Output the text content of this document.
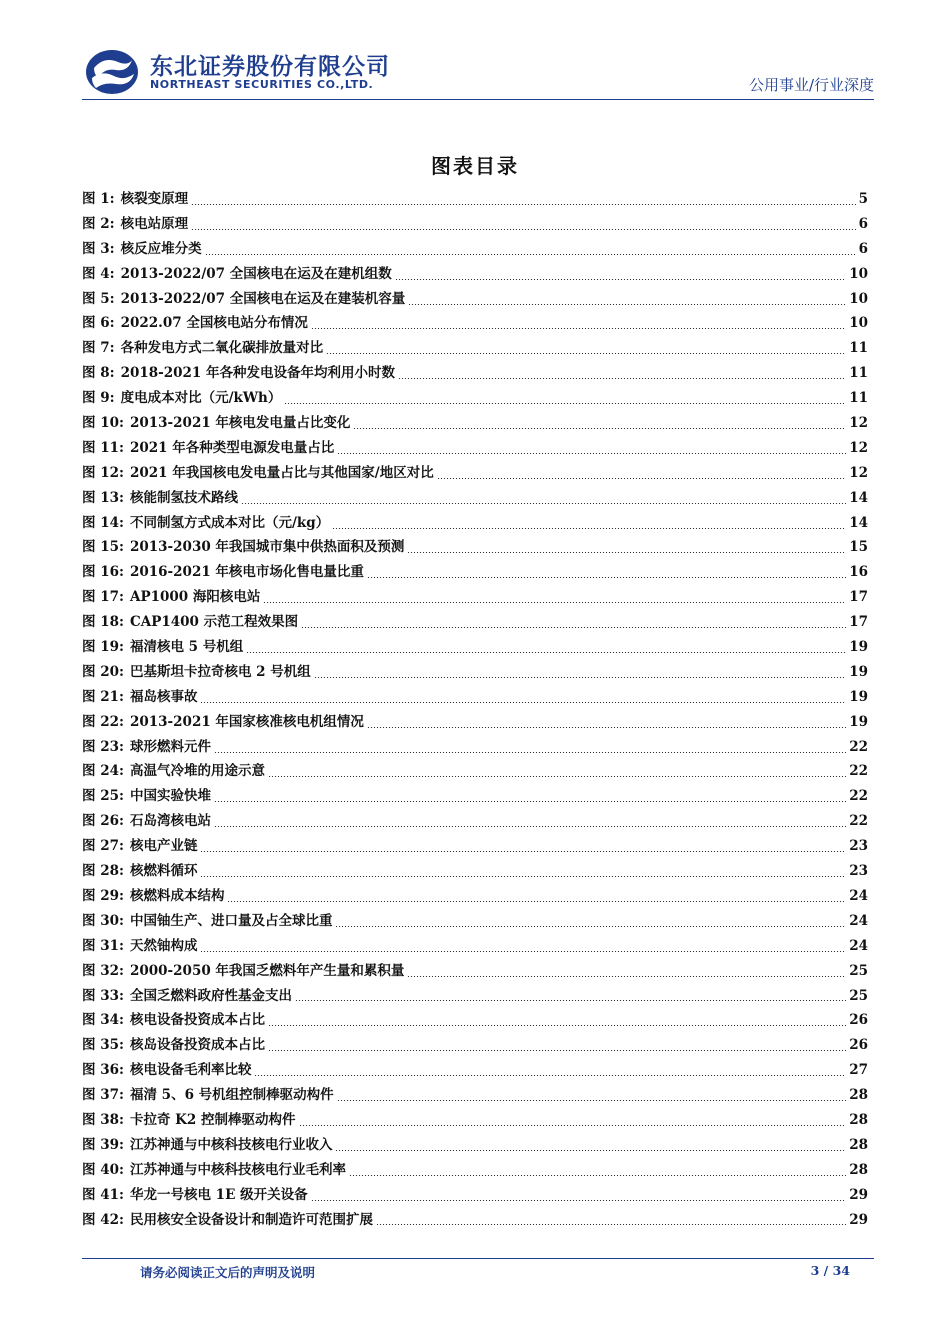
东北证券股份有限公司
NORTHEAST SECURITIES CO.,LTD.	公用事业/行业深度
图表目录
图 1: 核裂变原理	5
图 2: 核电站原理	6
图 3: 核反应堆分类	6
图 4: 2013-2022/07 全国核电在运及在建机组数	10
图 5: 2013-2022/07 全国核电在运及在建装机容量	10
图 6: 2022.07 全国核电站分布情况	10
图 7: 各种发电方式二氧化碳排放量对比	11
图 8: 2018-2021 年各种发电设备年均利用小时数	11
图 9: 度电成本对比（元/kWh）	11
图 10: 2013-2021 年核电发电量占比变化	12
图 11: 2021 年各种类型电源发电量占比	12
图 12: 2021 年我国核电发电量占比与其他国家/地区对比	12
图 13: 核能制氢技术路线	14
图 14: 不同制氢方式成本对比（元/kg）	14
图 15: 2013-2030 年我国城市集中供热面积及预测	15
图 16: 2016-2021 年核电市场化售电量比重	16
图 17: AP1000 海阳核电站	17
图 18: CAP1400 示范工程效果图	17
图 19: 福清核电 5 号机组	19
图 20: 巴基斯坦卡拉奇核电 2 号机组	19
图 21: 福岛核事故	19
图 22: 2013-2021 年国家核准核电机组情况	19
图 23: 球形燃料元件	22
图 24: 高温气冷堆的用途示意	22
图 25: 中国实验快堆	22
图 26: 石岛湾核电站	22
图 27: 核电产业链	23
图 28: 核燃料循环	23
图 29: 核燃料成本结构	24
图 30: 中国铀生产、进口量及占全球比重	24
图 31: 天然铀构成	24
图 32: 2000-2050 年我国乏燃料年产生量和累积量	25
图 33: 全国乏燃料政府性基金支出	25
图 34: 核电设备投资成本占比	26
图 35: 核岛设备投资成本占比	26
图 36: 核电设备毛利率比较	27
图 37: 福清 5、6 号机组控制棒驱动构件	28
图 38: 卡拉奇 K2 控制棒驱动构件	28
图 39: 江苏神通与中核科技核电行业收入	28
图 40: 江苏神通与中核科技核电行业毛利率	28
图 41: 华龙一号核电 1E 级开关设备	29
图 42: 民用核安全设备设计和制造许可范围扩展	29
请务必阅读正文后的声明及说明	3 / 34
